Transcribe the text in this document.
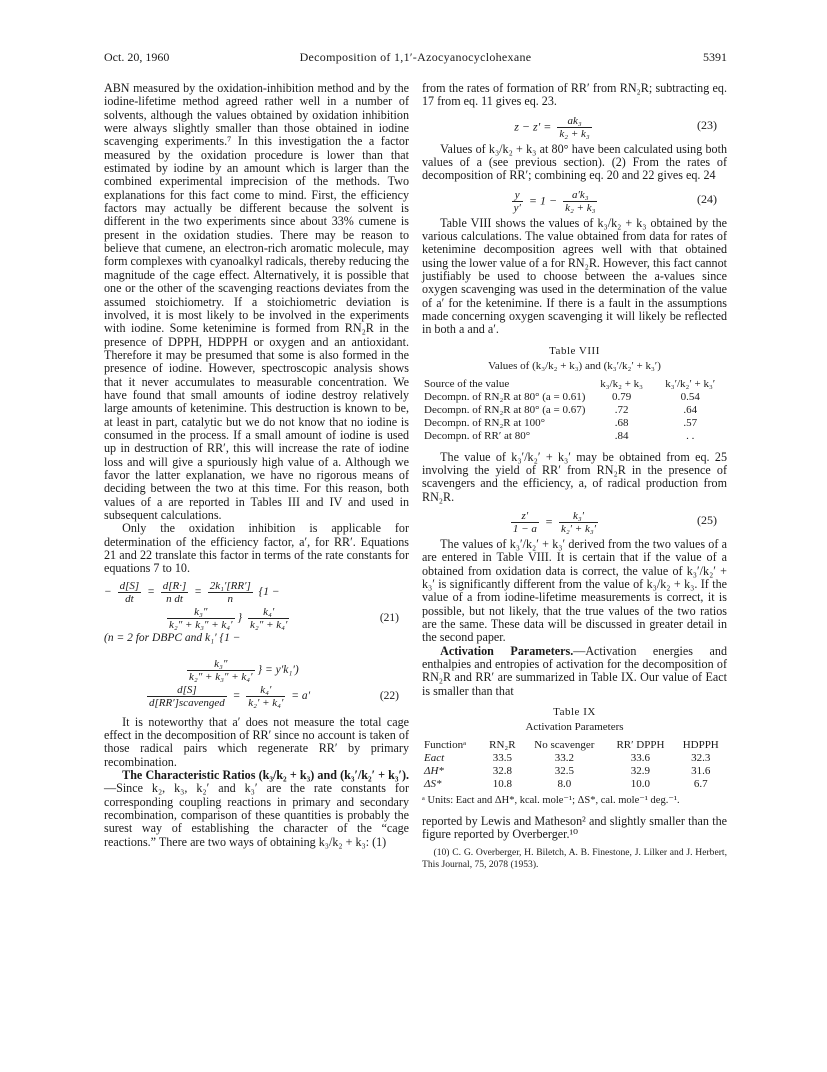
Oct. 20, 1960	Decomposition of 1,1′-Azocyanocyclohexane	5391

ABN measured by the oxidation-inhibition method and by the iodine-lifetime method agreed rather well in a number of solvents, although the values obtained by oxidation inhibition were always slightly smaller than those obtained in iodine scavenging experiments.⁷ In this investigation the a factor measured by the oxidation procedure is lower than that estimated by iodine by an amount which is larger than the combined experimental imprecision of the methods. Two explanations for this fact come to mind. First, the efficiency factors may actually be different because the solvent is different in the two experiments since about 33% cumene is present in the oxidation studies. There may be reason to believe that cumene, an electron-rich aromatic molecule, may form complexes with cyanoalkyl radicals, thereby reducing the magnitude of the cage effect. Alternatively, it is possible that one or the other of the scavenging reactions deviates from the assumed stoichiometry. If a stoichiometric deviation is involved, it is most likely to be involved in the experiments with iodine. Some ketenimine is formed from RN₂R in the presence of DPPH, HDPPH or oxygen and an antioxidant. Therefore it may be presumed that some is also formed in the presence of iodine. However, spectroscopic analysis shows that it never accumulates to measurable concentration. We have found that small amounts of iodine destroy relatively large amounts of ketenimine. This destruction is known to be, at least in part, catalytic but we do not know that no iodine is consumed in the process. If a small amount of iodine is used up in destruction of RR′, this will increase the rate of iodine loss and will give a spuriously high value of a. Although we favor the latter explanation, we have no rigorous means of deciding between the two at this time. For this reason, both values of a are reported in Tables III and IV and used in subsequent calculations.

Only the oxidation inhibition is applicable for determination of the efficiency factor, a′, for RR′. Equations 21 and 22 translate this factor in terms of the rate constants for equations 7 to 10.

− $\frac{d[S]}{dt} = \frac{d[R\cdot]}{\text{n dt}} = \frac{\text{2k₁′[RR′]}}{n} \{1$ −
$\frac{\text{k₃″}}{\text{k₂″ + k₃″ + k₄′}}$ } $\frac{\text{k₄′}}{\text{k₂″ + k₄′}}$	(21)
(n = 2 for DBPC and k₁′ {1 −
$\frac{\text{k₃″}}{\text{k₂″ + k₃″ + k₄′}}$ } = y′k₁′)
$\frac{d[S]}{\text{d[RR′]scavenged}} = \frac{\text{k₄′}}{\text{k₂′ + k₄′}} = a'$	(22)

It is noteworthy that a′ does not measure the total cage effect in the decomposition of RR′ since no account is taken of those radical pairs which regenerate RR′ by primary recombination.

The Characteristic Ratios (k₃/k₂ + k₃) and (k₃′/k₂′ + k₃′).—Since k₂, k₃, k₂′ and k₃′ are the rate constants for corresponding coupling reactions in primary and secondary recombination, comparison of these quantities is probably the surest way of establishing the character of the “cage reactions.” There are two ways of obtaining k₃/k₂ + k₃: (1)

from the rates of formation of RR′ from RN₂R; subtracting eq. 17 from eq. 11 gives eq. 23.

$z - z' = \frac{\text{ak₃}}{\text{k₂ + k₃}}$	(23)

Values of k₃/k₂ + k₃ at 80° have been calculated using both values of a (see previous section). (2) From the rates of decomposition of RR′; combining eq. 20 and 22 gives eq. 24

$\frac{y}{y'} = 1 - \frac{\text{a′k₃}}{\text{k₂ + k₃}}$	(24)

Table VIII shows the values of k₃/k₂ + k₃ obtained by the various calculations. The value obtained from data for rates of ketenimine decomposition agrees well with that obtained using the lower value of a for RN₂R. However, this fact cannot justifiably be used to choose between the a-values since oxygen scavenging was used in the determination of the value of a′ for the ketenimine. If there is a fault in the assumptions made concerning oxygen scavenging it will likely be reflected in both a and a′.

Table VIII
Values of (k₃/k₂ + k₃) and (k₃′/k₂′ + k₃′)
Source of the value	k₃/k₂ + k₃	k₃′/k₂′ + k₃′
Decompn. of RN₂R at 80° (a = 0.61)	0.79	0.54
Decompn. of RN₂R at 80° (a = 0.67)	.72	.64
Decompn. of RN₂R at 100°	.68	.57
Decompn. of RR′ at 80°	.84	. .

The value of k₃′/k₂′ + k₃′ may be obtained from eq. 25 involving the yield of RR′ from RN₂R in the presence of scavengers and the efficiency, a, of radical production from RN₂R.

$\frac{z'}{1 - a} = \frac{\text{k₃′}}{\text{k₂′ + k₃′}}$	(25)

The values of k₃′/k₂′ + k₃′ derived from the two values of a are entered in Table VIII. It is certain that if the value of a obtained from oxidation data is correct, the value of k₃′/k₂′ + k₃′ is significantly different from the value of k₃/k₂ + k₃. If the value of a from iodine-lifetime measurements is correct, it is possible, but not likely, that the true values of the two ratios are the same. These data will be discussed in greater detail in the second paper.

Activation Parameters.—Activation energies and enthalpies and entropies of activation for the decomposition of RN₂R and RR′ are summarized in Table IX. Our value of Eact is smaller than that

Table IX
Activation Parameters
Functionᵃ	RN₂R	No scavenger	RR′ DPPH	HDPPH
Eact	33.5	33.2	33.6	32.3
ΔH*	32.8	32.5	32.9	31.6
ΔS*	10.8	8.0	10.0	6.7
ᵃ Units: Eact and ΔH*, kcal. mole⁻¹; ΔS*, cal. mole⁻¹ deg.⁻¹.

reported by Lewis and Matheson² and slightly smaller than the figure reported by Overberger.¹⁰

(10) C. G. Overberger, H. Biletch, A. B. Finestone, J. Lilker and J. Herbert, This Journal, 75, 2078 (1953).
